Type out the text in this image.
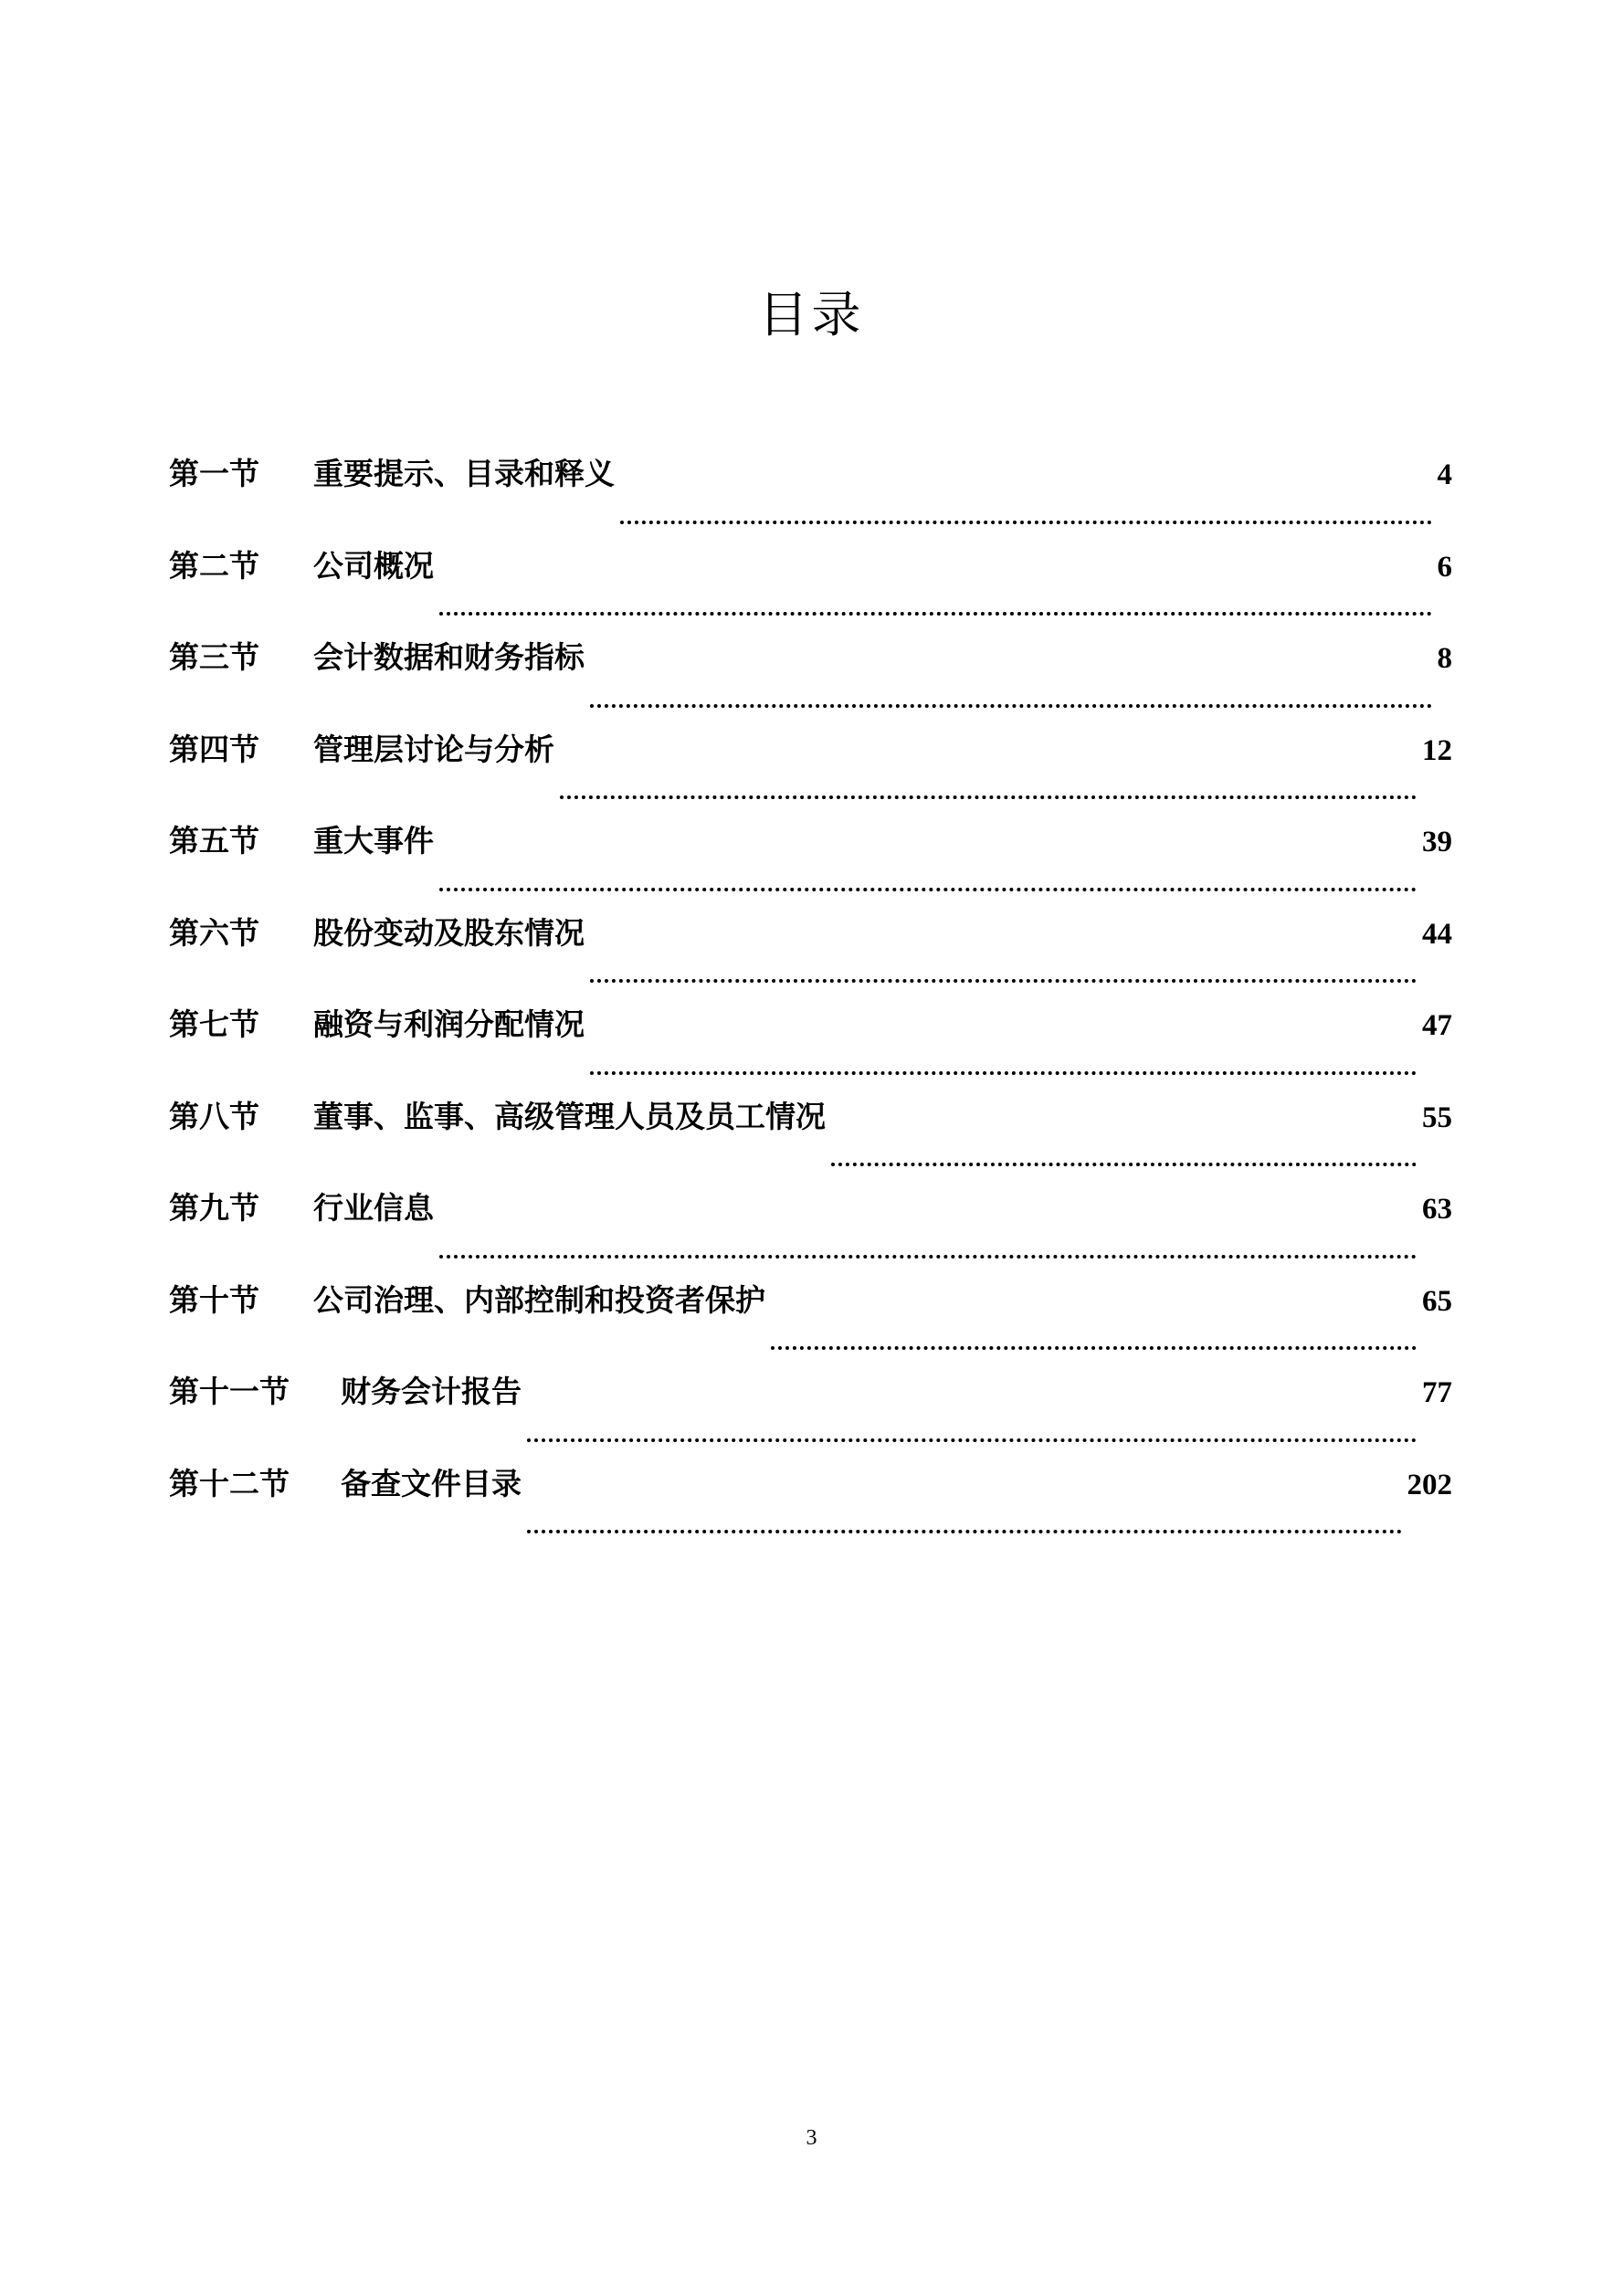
目录
第一节	重要提示、目录和释义	4
第二节	公司概况	6
第三节	会计数据和财务指标	8
第四节	管理层讨论与分析	12
第五节	重大事件	39
第六节	股份变动及股东情况	44
第七节	融资与利润分配情况	47
第八节	董事、监事、高级管理人员及员工情况	55
第九节	行业信息	63
第十节	公司治理、内部控制和投资者保护	65
第十一节	财务会计报告	77
第十二节	备查文件目录	202
3
